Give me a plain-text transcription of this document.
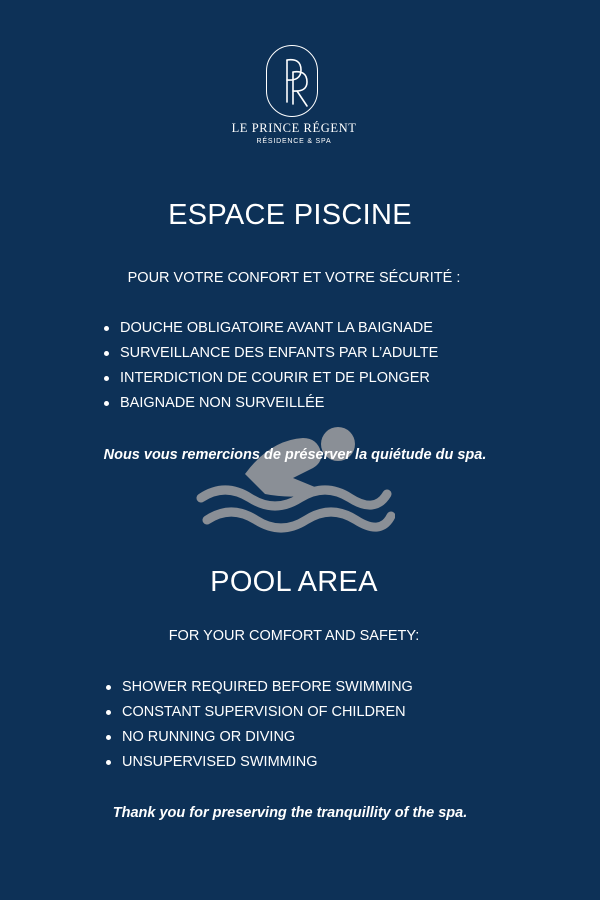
LE PRINCE RÉGENT
RÉSIDENCE & SPA
ESPACE PISCINE

POUR VOTRE CONFORT ET VOTRE SÉCURITÉ :

DOUCHE OBLIGATOIRE AVANT LA BAIGNADE
SURVEILLANCE DES ENFANTS PAR L’ADULTE
INTERDICTION DE COURIR ET DE PLONGER
BAIGNADE NON SURVEILLÉE

Nous vous remercions de préserver la quiétude du spa.

POOL AREA

FOR YOUR COMFORT AND SAFETY:

SHOWER REQUIRED BEFORE SWIMMING
CONSTANT SUPERVISION OF CHILDREN
NO RUNNING OR DIVING
UNSUPERVISED SWIMMING

Thank you for preserving the tranquillity of the spa.
